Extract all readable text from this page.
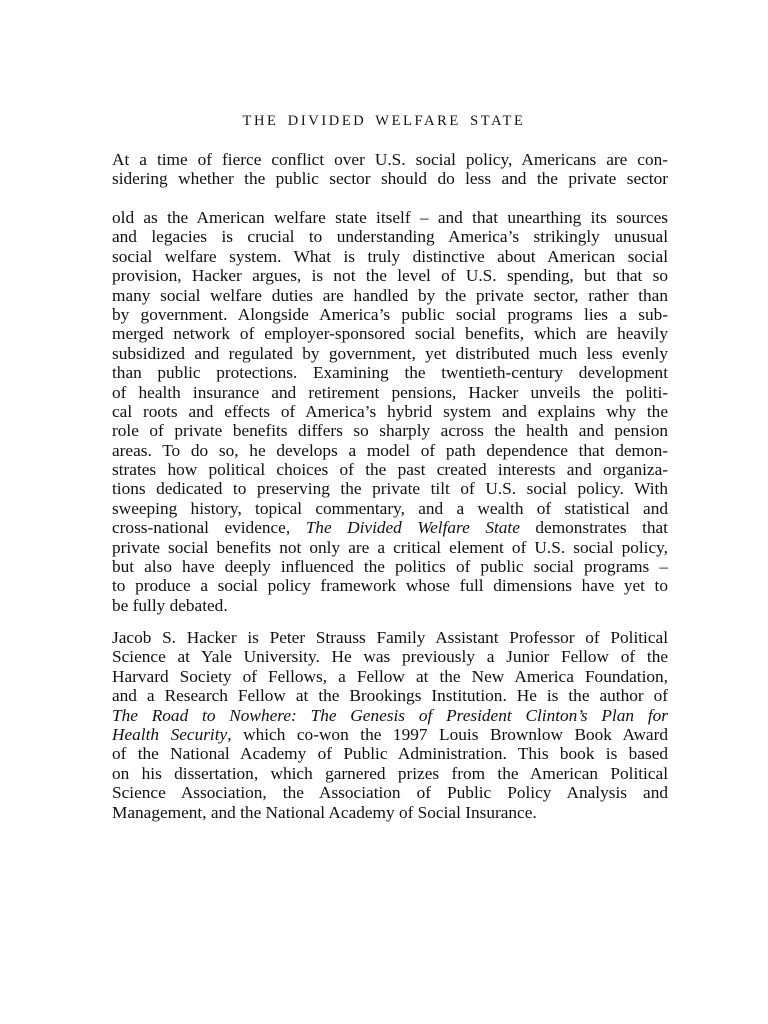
THE DIVIDED WELFARE STATE
At a time of fierce conflict over U.S. social policy, Americans are con-
sidering whether the public sector should do less and the private sector
old as the American welfare state itself – and that unearthing its sources
and legacies is crucial to understanding America’s strikingly unusual
social welfare system. What is truly distinctive about American social
provision, Hacker argues, is not the level of U.S. spending, but that so
many social welfare duties are handled by the private sector, rather than
by government. Alongside America’s public social programs lies a sub-
merged network of employer-sponsored social benefits, which are heavily
subsidized and regulated by government, yet distributed much less evenly
than public protections. Examining the twentieth-century development
of health insurance and retirement pensions, Hacker unveils the politi-
cal roots and effects of America’s hybrid system and explains why the
role of private benefits differs so sharply across the health and pension
areas. To do so, he develops a model of path dependence that demon-
strates how political choices of the past created interests and organiza-
tions dedicated to preserving the private tilt of U.S. social policy. With
sweeping history, topical commentary, and a wealth of statistical and
cross-national evidence, The Divided Welfare State demonstrates that
private social benefits not only are a critical element of U.S. social policy,
but also have deeply influenced the politics of public social programs –
to produce a social policy framework whose full dimensions have yet to
be fully debated.
Jacob S. Hacker is Peter Strauss Family Assistant Professor of Political
Science at Yale University. He was previously a Junior Fellow of the
Harvard Society of Fellows, a Fellow at the New America Foundation,
and a Research Fellow at the Brookings Institution. He is the author of
The Road to Nowhere: The Genesis of President Clinton’s Plan for
Health Security, which co-won the 1997 Louis Brownlow Book Award
of the National Academy of Public Administration. This book is based
on his dissertation, which garnered prizes from the American Political
Science Association, the Association of Public Policy Analysis and
Management, and the National Academy of Social Insurance.
